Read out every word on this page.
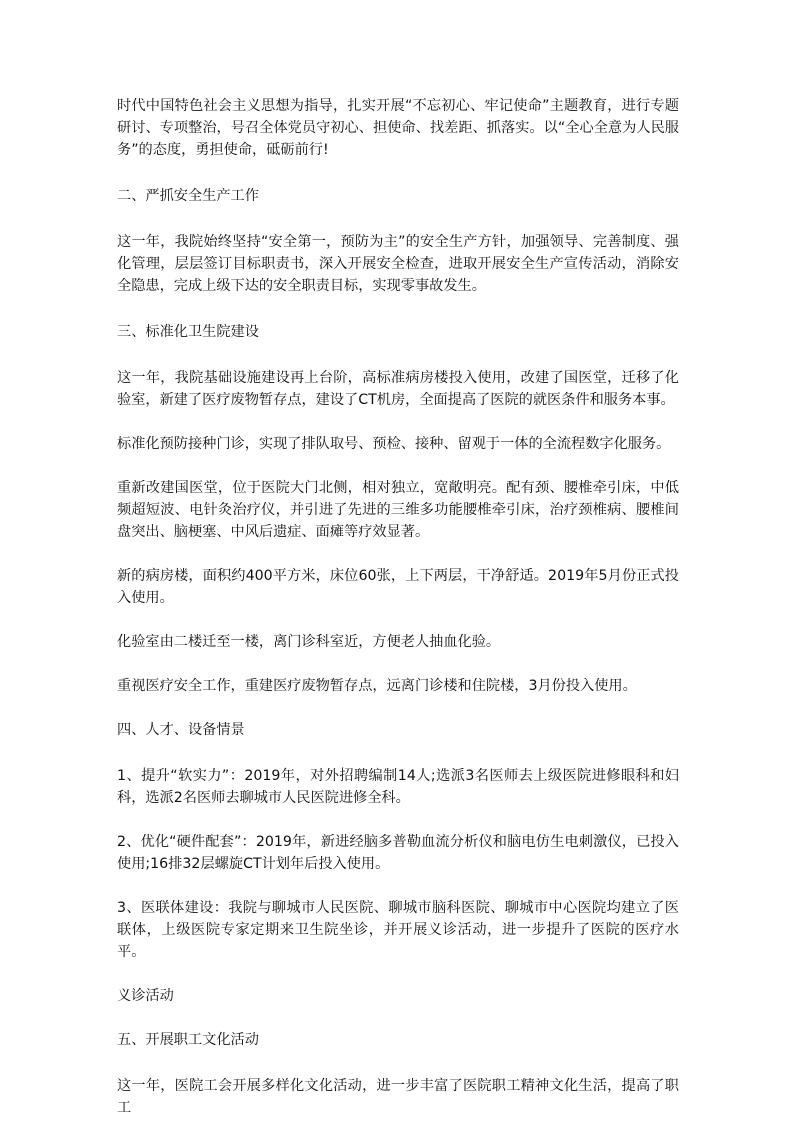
时代中国特色社会主义思想为指导，扎实开展“不忘初心、牢记使命”主题教育，进行专题研讨、专项整治，号召全体党员守初心、担使命、找差距、抓落实。以“全心全意为人民服务”的态度，勇担使命，砥砺前行!

二、严抓安全生产工作

这一年，我院始终坚持“安全第一，预防为主”的安全生产方针，加强领导、完善制度、强化管理，层层签订目标职责书，深入开展安全检查，进取开展安全生产宣传活动，消除安全隐患，完成上级下达的安全职责目标，实现零事故发生。

三、标准化卫生院建设

这一年，我院基础设施建设再上台阶，高标准病房楼投入使用，改建了国医堂，迁移了化验室，新建了医疗废物暂存点，建设了CT机房，全面提高了医院的就医条件和服务本事。

标准化预防接种门诊，实现了排队取号、预检、接种、留观于一体的全流程数字化服务。

重新改建国医堂，位于医院大门北侧，相对独立，宽敞明亮。配有颈、腰椎牵引床，中低频超短波、电针灸治疗仪，并引进了先进的三维多功能腰椎牵引床，治疗颈椎病、腰椎间盘突出、脑梗塞、中风后遗症、面瘫等疗效显著。

新的病房楼，面积约400平方米，床位60张，上下两层，干净舒适。2019年5月份正式投入使用。

化验室由二楼迁至一楼，离门诊科室近，方便老人抽血化验。

重视医疗安全工作，重建医疗废物暂存点，远离门诊楼和住院楼，3月份投入使用。

四、人才、设备情景

1、提升“软实力”：2019年，对外招聘编制14人;选派3名医师去上级医院进修眼科和妇科，选派2名医师去聊城市人民医院进修全科。

2、优化“硬件配套”：2019年，新进经脑多普勒血流分析仪和脑电仿生电刺激仪，已投入使用;16排32层螺旋CT计划年后投入使用。

3、医联体建设：我院与聊城市人民医院、聊城市脑科医院、聊城市中心医院均建立了医联体，上级医院专家定期来卫生院坐诊，并开展义诊活动，进一步提升了医院的医疗水平。

义诊活动

五、开展职工文化活动

这一年，医院工会开展多样化文化活动，进一步丰富了医院职工精神文化生活，提高了职工
